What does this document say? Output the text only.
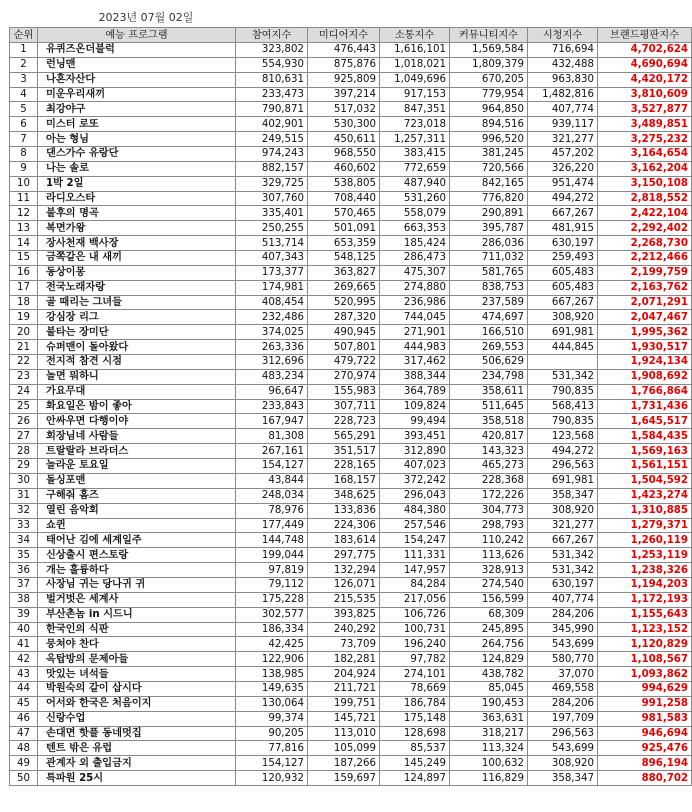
2023년 07월 02일
순위	예능 프로그램	참여지수	미디어지수	소통지수	커뮤니티지수	시청지수	브랜드평판지수
1	유퀴즈온더블럭	323,802	476,443	1,616,101	1,569,584	716,694	4,702,624
2	런닝맨	554,930	875,876	1,018,021	1,809,379	432,488	4,690,694
3	나혼자산다	810,631	925,809	1,049,696	670,205	963,830	4,420,172
4	미운우리새끼	233,473	397,214	917,153	779,954	1,482,816	3,810,609
5	최강야구	790,871	517,032	847,351	964,850	407,774	3,527,877
6	미스터 로또	402,901	530,300	723,018	894,516	939,117	3,489,851
7	아는 형님	249,515	450,611	1,257,311	996,520	321,277	3,275,232
8	댄스가수 유랑단	974,243	968,550	383,415	381,245	457,202	3,164,654
9	나는 솔로	882,157	460,602	772,659	720,566	326,220	3,162,204
10	1박 2일	329,725	538,805	487,940	842,165	951,474	3,150,108
11	라디오스타	307,760	708,440	531,260	776,820	494,272	2,818,552
12	불후의 명곡	335,401	570,465	558,079	290,891	667,267	2,422,104
13	복면가왕	250,255	501,091	663,353	395,787	481,915	2,292,402
14	장사천재 백사장	513,714	653,359	185,424	286,036	630,197	2,268,730
15	금쪽같은 내 새끼	407,343	548,125	286,473	711,032	259,493	2,212,466
16	동상이몽	173,377	363,827	475,307	581,765	605,483	2,199,759
17	전국노래자랑	174,981	269,665	274,880	838,753	605,483	2,163,762
18	골 때리는 그녀들	408,454	520,995	236,986	237,589	667,267	2,071,291
19	강심장 리그	232,486	287,320	744,045	474,697	308,920	2,047,467
20	불타는 장미단	374,025	490,945	271,901	166,510	691,981	1,995,362
21	슈퍼맨이 돌아왔다	263,336	507,801	444,983	269,553	444,845	1,930,517
22	전지적 참견 시점	312,696	479,722	317,462	506,629		1,924,134
23	놀면 뭐하니	483,234	270,974	388,344	234,798	531,342	1,908,692
24	가요무대	96,647	155,983	364,789	358,611	790,835	1,766,864
25	화요일은 밤이 좋아	233,843	307,711	109,824	511,645	568,413	1,731,436
26	안싸우면 다행이야	167,947	228,723	99,494	358,518	790,835	1,645,517
27	회장님네 사람들	81,308	565,291	393,451	420,817	123,568	1,584,435
28	트랄랄라 브라더스	267,161	351,517	312,890	143,323	494,272	1,569,163
29	놀라운 토요일	154,127	228,165	407,023	465,273	296,563	1,561,151
30	돌싱포맨	43,844	168,157	372,242	228,368	691,981	1,504,592
31	구해줘 홈즈	248,034	348,625	296,043	172,226	358,347	1,423,274
32	열린 음악회	78,976	133,836	484,380	304,773	308,920	1,310,885
33	쇼퀸	177,449	224,306	257,546	298,793	321,277	1,279,371
34	태어난 김에 세계일주	144,748	183,614	154,247	110,242	667,267	1,260,119
35	신상출시 편스토랑	199,044	297,775	111,331	113,626	531,342	1,253,119
36	개는 훌륭하다	97,819	132,294	147,957	328,913	531,342	1,238,326
37	사장님 귀는 당나귀 귀	79,112	126,071	84,284	274,540	630,197	1,194,203
38	벌거벗은 세계사	175,228	215,535	217,056	156,599	407,774	1,172,193
39	부산촌놈 in 시드니	302,577	393,825	106,726	68,309	284,206	1,155,643
40	한국인의 식판	186,334	240,292	100,731	245,895	345,990	1,123,152
41	뭉쳐야 찬다	42,425	73,709	196,240	264,756	543,699	1,120,829
42	옥탑방의 문제아들	122,906	182,281	97,782	124,829	580,770	1,108,567
43	맛있는 녀석들	138,985	204,924	274,101	438,782	37,070	1,093,862
44	박원숙의 같이 삽시다	149,635	211,721	78,669	85,045	469,558	994,629
45	어서와 한국은 처음이지	130,064	199,751	186,784	190,453	284,206	991,258
46	신랑수업	99,374	145,721	175,148	363,631	197,709	981,583
47	손대면 핫플 동네멋집	90,205	113,010	128,698	318,217	296,563	946,694
48	텐트 밖은 유럽	77,816	105,099	85,537	113,324	543,699	925,476
49	관계자 외 출입금지	154,127	187,266	145,249	100,632	308,920	896,194
50	특파원 25시	120,932	159,697	124,897	116,829	358,347	880,702
